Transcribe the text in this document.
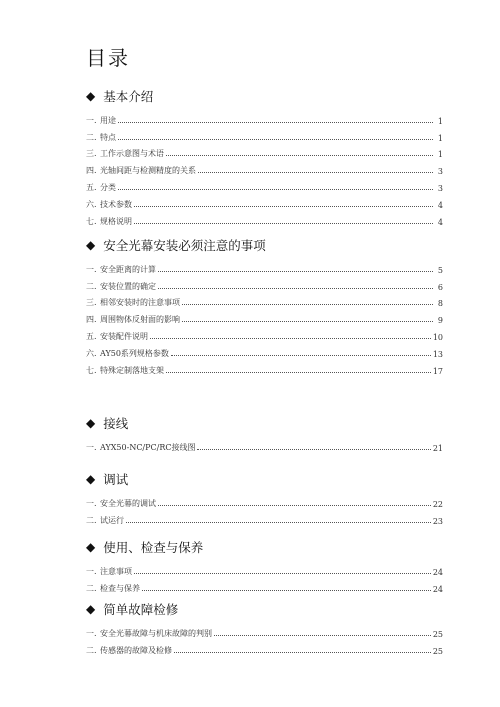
目录
◆ 基本介绍
一. 用途	1
二. 特点	1
三. 工作示意图与术语	1
四. 光轴间距与检测精度的关系	3
五. 分类	3
六. 技术参数	4
七. 规格说明	4
◆ 安全光幕安装必须注意的事项
一. 安全距离的计算	5
二. 安装位置的确定	6
三. 相邻安装时的注意事项	8
四. 周围物体反射面的影响	9
五. 安装配件说明	10
六. AY50系列规格参数	13
七. 特殊定制落地支架	17
◆ 接线
一. AYX50-NC/PC/RC接线图	21
◆ 调试
一. 安全光幕的调试	22
二. 试运行	23
◆ 使用、检查与保养
一. 注意事项	24
二. 检查与保养	24
◆ 简单故障检修
一. 安全光幕故障与机床故障的判别	25
二. 传感器的故障及检修	25
